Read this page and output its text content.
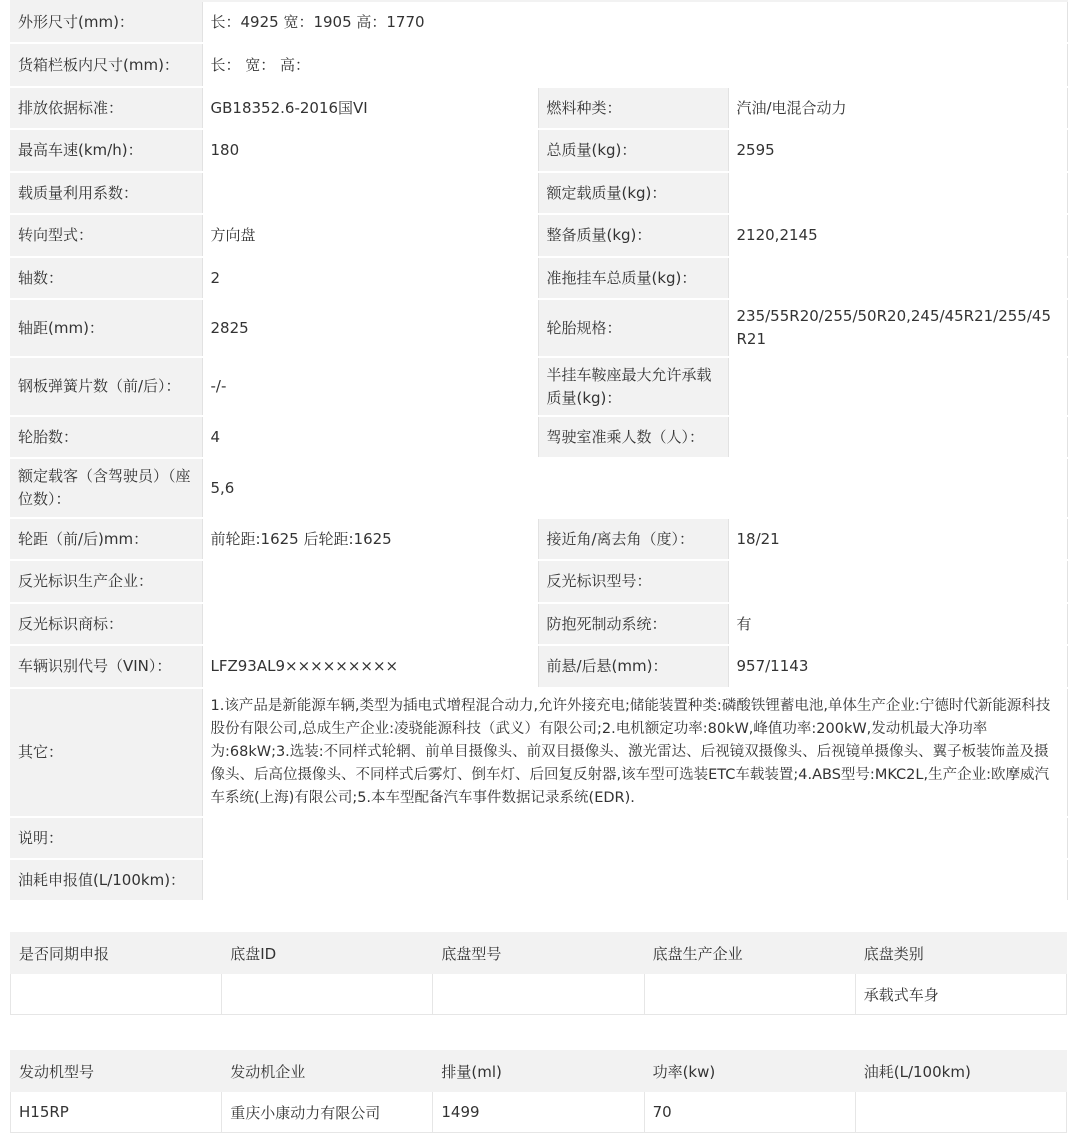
外形尺寸(mm)：	长：4925 宽：1905 高：1770		
货箱栏板内尺寸(mm)：	长： 宽： 高：		
排放依据标准：	GB18352.6-2016国VI	燃料种类：	汽油/电混合动力
最高车速(km/h)：	180	总质量(kg)：	2595
载质量利用系数：		额定载质量(kg)：	
转向型式：	方向盘	整备质量(kg)：	2120,2145
轴数：	2	准拖挂车总质量(kg)：	
轴距(mm)：	2825	轮胎规格：	235/55R20/255/50R20,245/45R21/255/45R21
钢板弹簧片数（前/后）：	-/-	半挂车鞍座最大允许承载质量(kg)：	
轮胎数：	4	驾驶室准乘人数（人）：	
额定载客（含驾驶员）（座位数）：	5,6		
轮距（前/后)mm：	前轮距:1625 后轮距:1625	接近角/离去角（度）：	18/21
反光标识生产企业：		反光标识型号：	
反光标识商标：		防抱死制动系统：	有
车辆识别代号（VIN）：	LFZ93AL9×××××××××	前悬/后悬(mm)：	957/1143
其它：	1.该产品是新能源车辆,类型为插电式增程混合动力,允许外接充电;储能装置种类:磷酸铁锂蓄电池,单体生产企业:宁德时代新能源科技股份有限公司,总成生产企业:凌骁能源科技（武义）有限公司;2.电机额定功率:80kW,峰值功率:200kW,发动机最大净功率为:68kW;3.选装:不同样式轮辋、前单目摄像头、前双目摄像头、激光雷达、后视镜双摄像头、后视镜单摄像头、翼子板装饰盖及摄像头、后高位摄像头、不同样式后雾灯、倒车灯、后回复反射器,该车型可选装ETC车载装置;4.ABS型号:MKC2L,生产企业:欧摩威汽车系统(上海)有限公司;5.本车型配备汽车事件数据记录系统(EDR).		
说明：			
油耗申报值(L/100km)：			
是否同期申报	底盘ID	底盘型号	底盘生产企业	底盘类别
				承载式车身
发动机型号	发动机企业	排量(ml)	功率(kw)	油耗(L/100km)
H15RP	重庆小康动力有限公司	1499	70	
